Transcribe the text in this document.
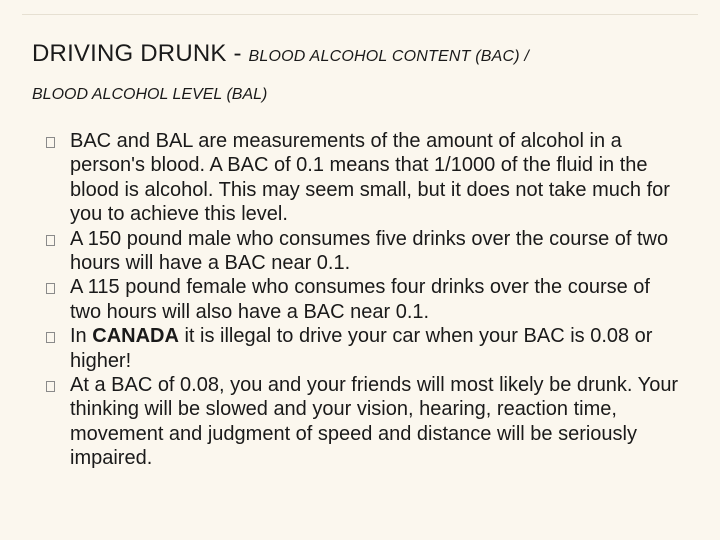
DRIVING DRUNK - BLOOD ALCOHOL CONTENT (BAC) /
BLOOD ALCOHOL LEVEL (BAL)
BAC and BAL are measurements of the amount of alcohol in a person's blood. A BAC of 0.1 means that 1/1000 of the fluid in the blood is alcohol. This may seem small, but it does not take much for you to achieve this level.
A 150 pound male who consumes five drinks over the course of two hours will have a BAC near 0.1.
A 115 pound female who consumes four drinks over the course of two hours will also have a BAC near 0.1.
In CANADA it is illegal to drive your car when your BAC is 0.08 or higher!
At a BAC of 0.08, you and your friends will most likely be drunk. Your thinking will be slowed and your vision, hearing, reaction time, movement and judgment of speed and distance will be seriously impaired.
